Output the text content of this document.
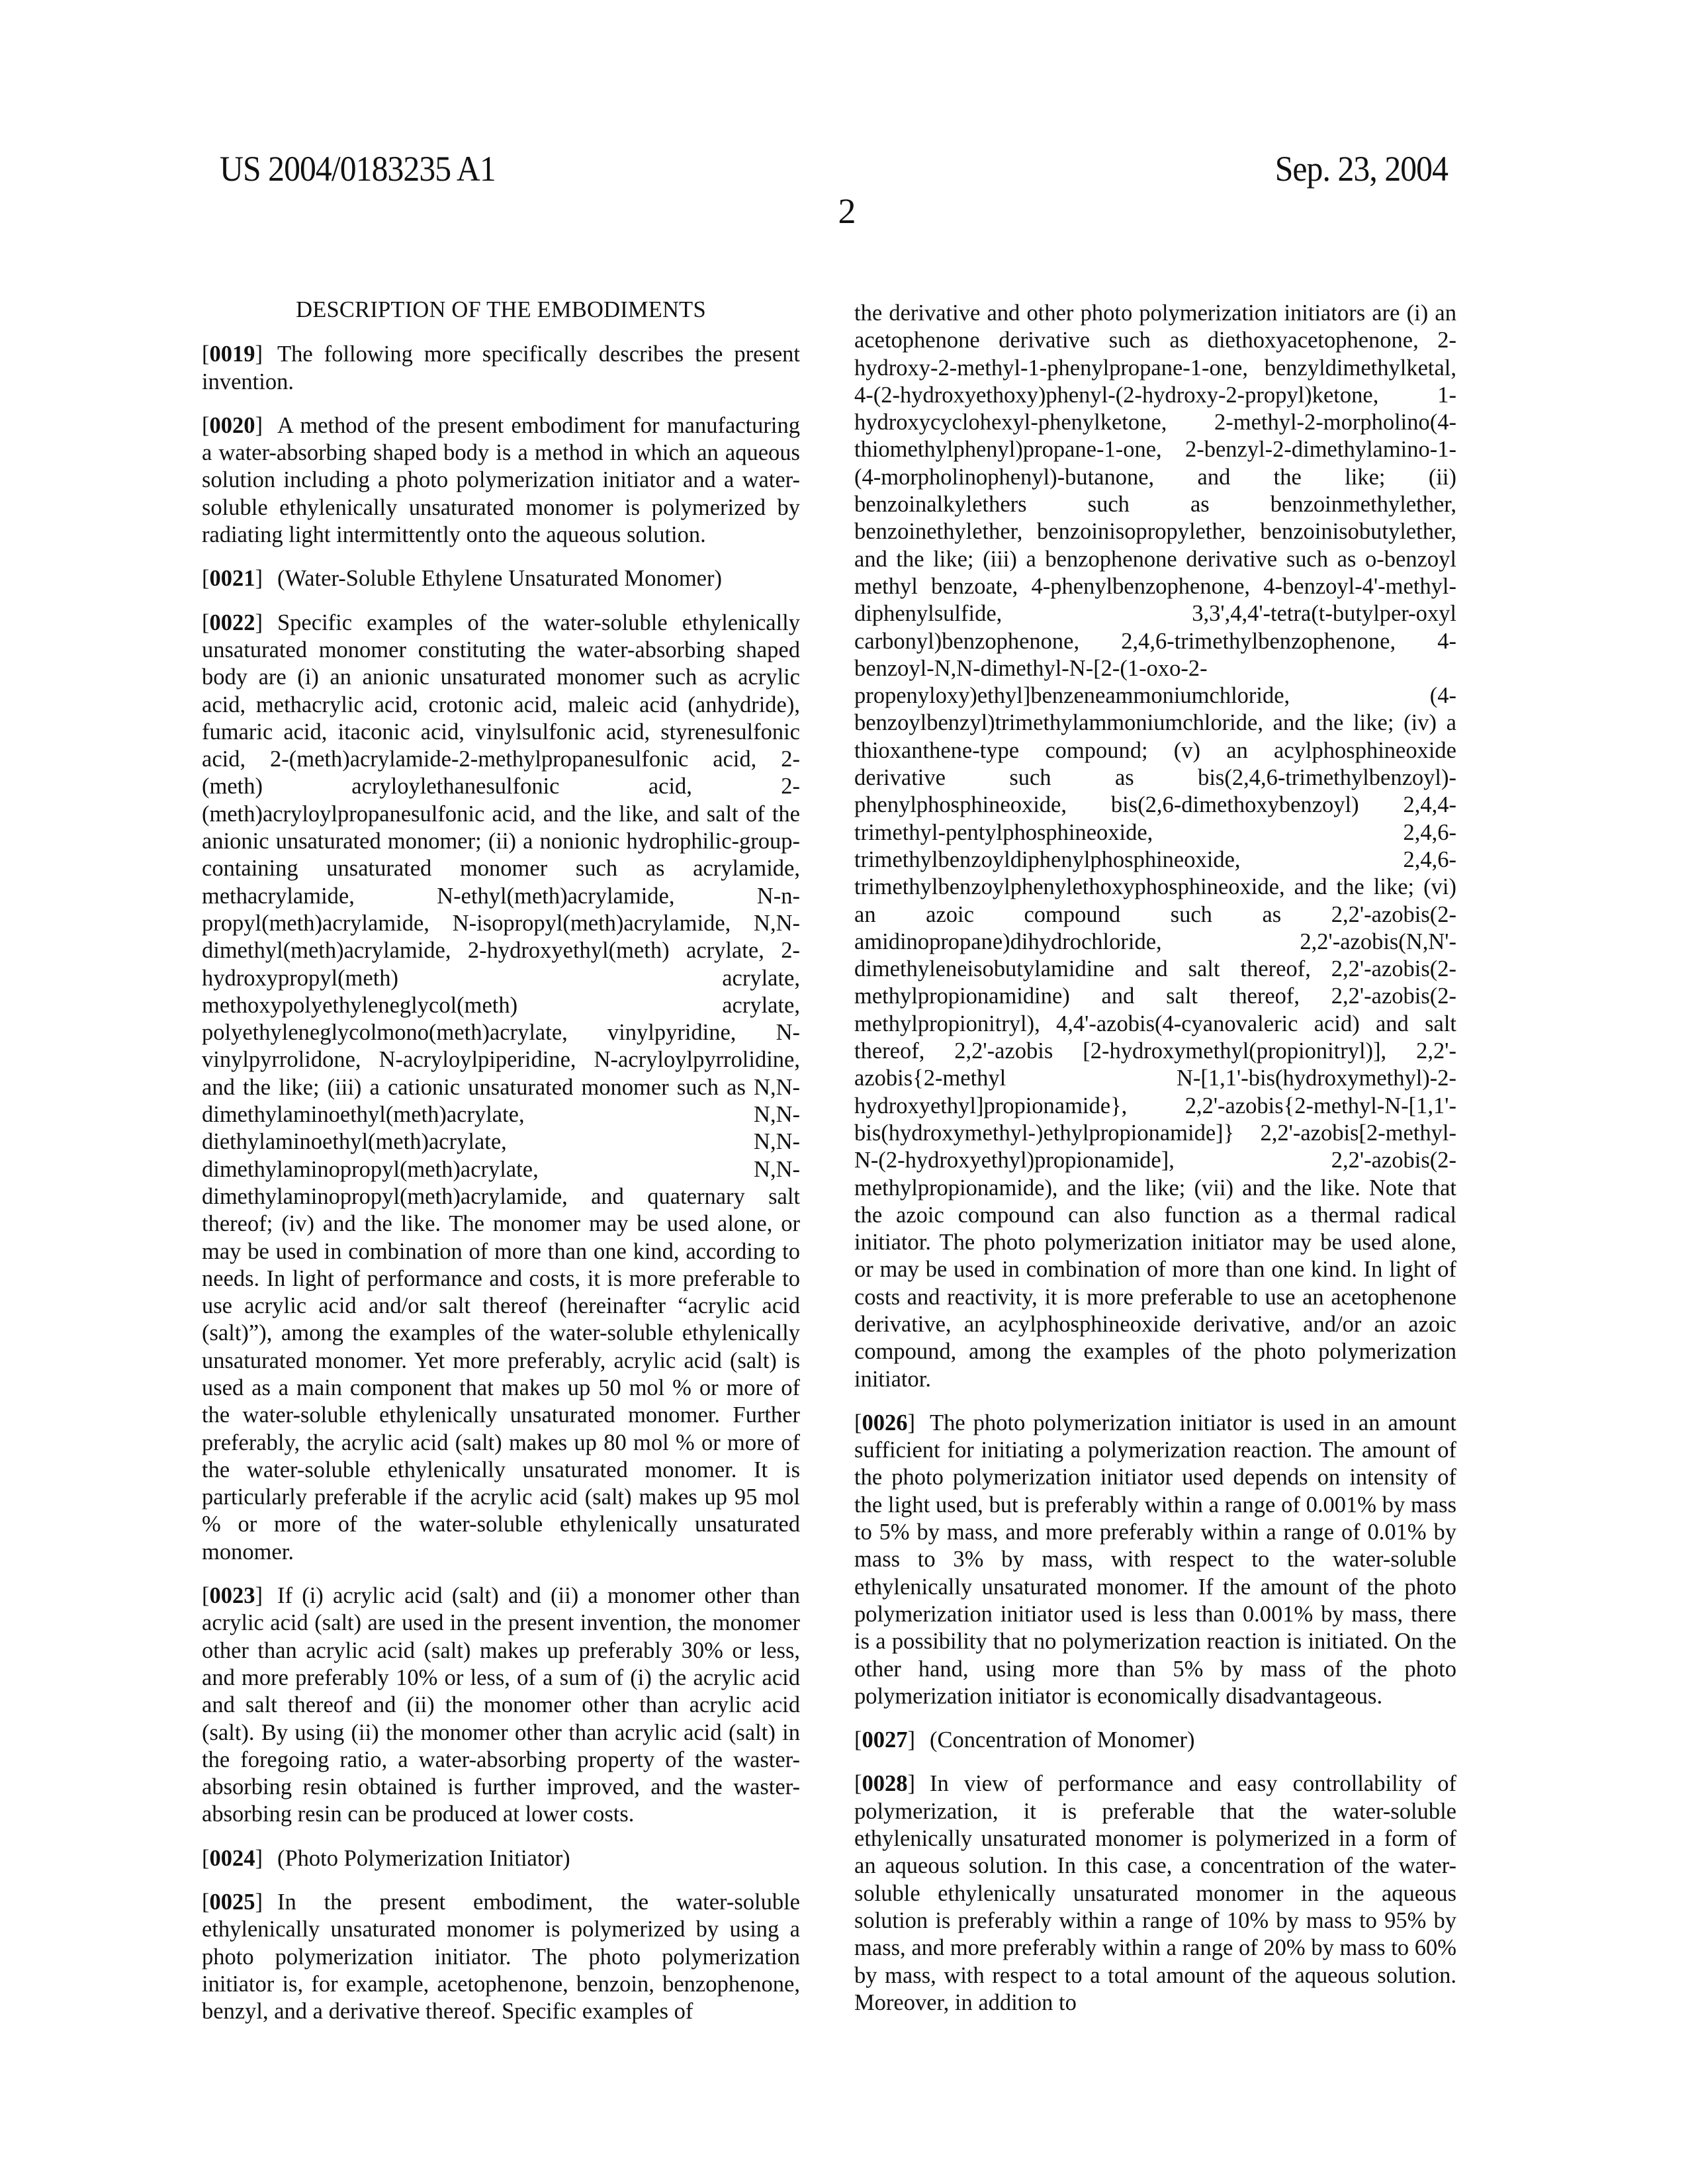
US 2004/0183235 A1
2
Sep. 23, 2004
DESCRIPTION OF THE EMBODIMENTS

[ 0019 ] The following more specifically describes the present invention.

[ 0020 ] A method of the present embodiment for manufacturing a water-absorbing shaped body is a method in which an aqueous solution including a photo polymerization initiator and a water-soluble ethylenically unsaturated monomer is polymerized by radiating light intermittently onto the aqueous solution.

[ 0021 ] (Water-Soluble Ethylene Unsaturated Monomer)

[ 0022 ] Specific examples of the water-soluble ethylenically unsaturated monomer constituting the water-absorbing shaped body are (i) an anionic unsaturated monomer such as acrylic acid, methacrylic acid, crotonic acid, maleic acid (anhydride), fumaric acid, itaconic acid, vinylsulfonic acid, styrenesulfonic acid, 2-(meth)acrylamide-2-methylpropanesulfonic acid, 2-(meth) acryloylethanesulfonic acid, 2-(meth)acryloylpropanesulfonic acid, and the like, and salt of the anionic unsaturated monomer; (ii) a nonionic hydrophilic-group-containing unsaturated monomer such as acrylamide, methacrylamide, N-ethyl(meth)acrylamide, N-n-propyl(meth)acrylamide, N-isopropyl(meth)acrylamide, N,N-dimethyl(meth)acrylamide, 2-hydroxyethyl(meth) acrylate, 2-hydroxypropyl(meth) acrylate, methoxypolyethyleneglycol(meth) acrylate, polyethyleneglycolmono(meth)acrylate, vinylpyridine, N-vinylpyrrolidone, N-acryloylpiperidine, N-acryloylpyrrolidine, and the like; (iii) a cationic unsaturated monomer such as N,N-dimethylaminoethyl(meth)acrylate, N,N-diethylaminoethyl(meth)acrylate, N,N-dimethylaminopropyl(meth)acrylate, N,N-dimethylaminopropyl(meth)acrylamide, and quaternary salt thereof; (iv) and the like. The monomer may be used alone, or may be used in combination of more than one kind, according to needs. In light of performance and costs, it is more preferable to use acrylic acid and/or salt thereof (hereinafter “acrylic acid (salt)”), among the examples of the water-soluble ethylenically unsaturated monomer. Yet more preferably, acrylic acid (salt) is used as a main component that makes up 50 mol % or more of the water-soluble ethylenically unsaturated monomer. Further preferably, the acrylic acid (salt) makes up 80 mol % or more of the water-soluble ethylenically unsaturated monomer. It is particularly preferable if the acrylic acid (salt) makes up 95 mol % or more of the water-soluble ethylenically unsaturated monomer.

[ 0023 ] If (i) acrylic acid (salt) and (ii) a monomer other than acrylic acid (salt) are used in the present invention, the monomer other than acrylic acid (salt) makes up preferably 30% or less, and more preferably 10% or less, of a sum of (i) the acrylic acid and salt thereof and (ii) the monomer other than acrylic acid (salt). By using (ii) the monomer other than acrylic acid (salt) in the foregoing ratio, a water-absorbing property of the waster-absorbing resin obtained is further improved, and the waster-absorbing resin can be produced at lower costs.

[ 0024 ] (Photo Polymerization Initiator)

[ 0025 ] In the present embodiment, the water-soluble ethylenically unsaturated monomer is polymerized by using a photo polymerization initiator. The photo polymerization initiator is, for example, acetophenone, benzoin, benzophenone, benzyl, and a derivative thereof. Specific examples of

the derivative and other photo polymerization initiators are (i) an acetophenone derivative such as diethoxyacetophenone, 2-hydroxy-2-methyl-1-phenylpropane-1-one, benzyldimethylketal, 4-(2-hydroxyethoxy)phenyl-(2-hydroxy-2-propyl)ketone, 1-hydroxycyclohexyl-phenylketone, 2-methyl-2-morpholino(4-thiomethylphenyl)propane-1-one, 2-benzyl-2-dimethylamino-1-(4-morpholinophenyl)-butanone, and the like; (ii) benzoinalkylethers such as benzoinmethylether, benzoinethylether, benzoinisopropylether, benzoinisobutylether, and the like; (iii) a benzophenone derivative such as o-benzoyl methyl benzoate, 4-phenylbenzophenone, 4-benzoyl-4'-methyl-diphenylsulfide, 3,3',4,4'-tetra(t-butylper-oxyl carbonyl)benzophenone, 2,4,6-trimethylbenzophenone, 4-benzoyl-N,N-dimethyl-N-[2-(1-oxo-2-propenyloxy)ethyl]benzeneammoniumchloride, (4-benzoylbenzyl)trimethylammoniumchloride, and the like; (iv) a thioxanthene-type compound; (v) an acylphosphineoxide derivative such as bis(2,4,6-trimethylbenzoyl)-phenylphosphineoxide, bis(2,6-dimethoxybenzoyl) 2,4,4-trimethyl-pentylphosphineoxide, 2,4,6-trimethylbenzoyldiphenylphosphineoxide, 2,4,6-trimethylbenzoylphenylethoxyphosphineoxide, and the like; (vi) an azoic compound such as 2,2'-azobis(2-amidinopropane)dihydrochloride, 2,2'-azobis(N,N'-dimethyleneisobutylamidine and salt thereof, 2,2'-azobis(2-methylpropionamidine) and salt thereof, 2,2'-azobis(2-methylpropionitryl), 4,4'-azobis(4-cyanovaleric acid) and salt thereof, 2,2'-azobis [2-hydroxymethyl(propionitryl)], 2,2'-azobis{2-methyl N-[1,1'-bis(hydroxymethyl)-2-hydroxyethyl]propionamide}, 2,2'-azobis{2-methyl-N-[1,1'-bis(hydroxymethyl-)ethylpropionamide]} 2,2'-azobis[2-methyl-N-(2-hydroxyethyl)propionamide], 2,2'-azobis(2-methylpropionamide), and the like; (vii) and the like. Note that the azoic compound can also function as a thermal radical initiator. The photo polymerization initiator may be used alone, or may be used in combination of more than one kind. In light of costs and reactivity, it is more preferable to use an acetophenone derivative, an acylphosphineoxide derivative, and/or an azoic compound, among the examples of the photo polymerization initiator.

[ 0026 ] The photo polymerization initiator is used in an amount sufficient for initiating a polymerization reaction. The amount of the photo polymerization initiator used depends on intensity of the light used, but is preferably within a range of 0.001% by mass to 5% by mass, and more preferably within a range of 0.01% by mass to 3% by mass, with respect to the water-soluble ethylenically unsaturated monomer. If the amount of the photo polymerization initiator used is less than 0.001% by mass, there is a possibility that no polymerization reaction is initiated. On the other hand, using more than 5% by mass of the photo polymerization initiator is economically disadvantageous.

[ 0027 ] (Concentration of Monomer)

[ 0028 ] In view of performance and easy controllability of polymerization, it is preferable that the water-soluble ethylenically unsaturated monomer is polymerized in a form of an aqueous solution. In this case, a concentration of the water-soluble ethylenically unsaturated monomer in the aqueous solution is preferably within a range of 10% by mass to 95% by mass, and more preferably within a range of 20% by mass to 60% by mass, with respect to a total amount of the aqueous solution. Moreover, in addition to
